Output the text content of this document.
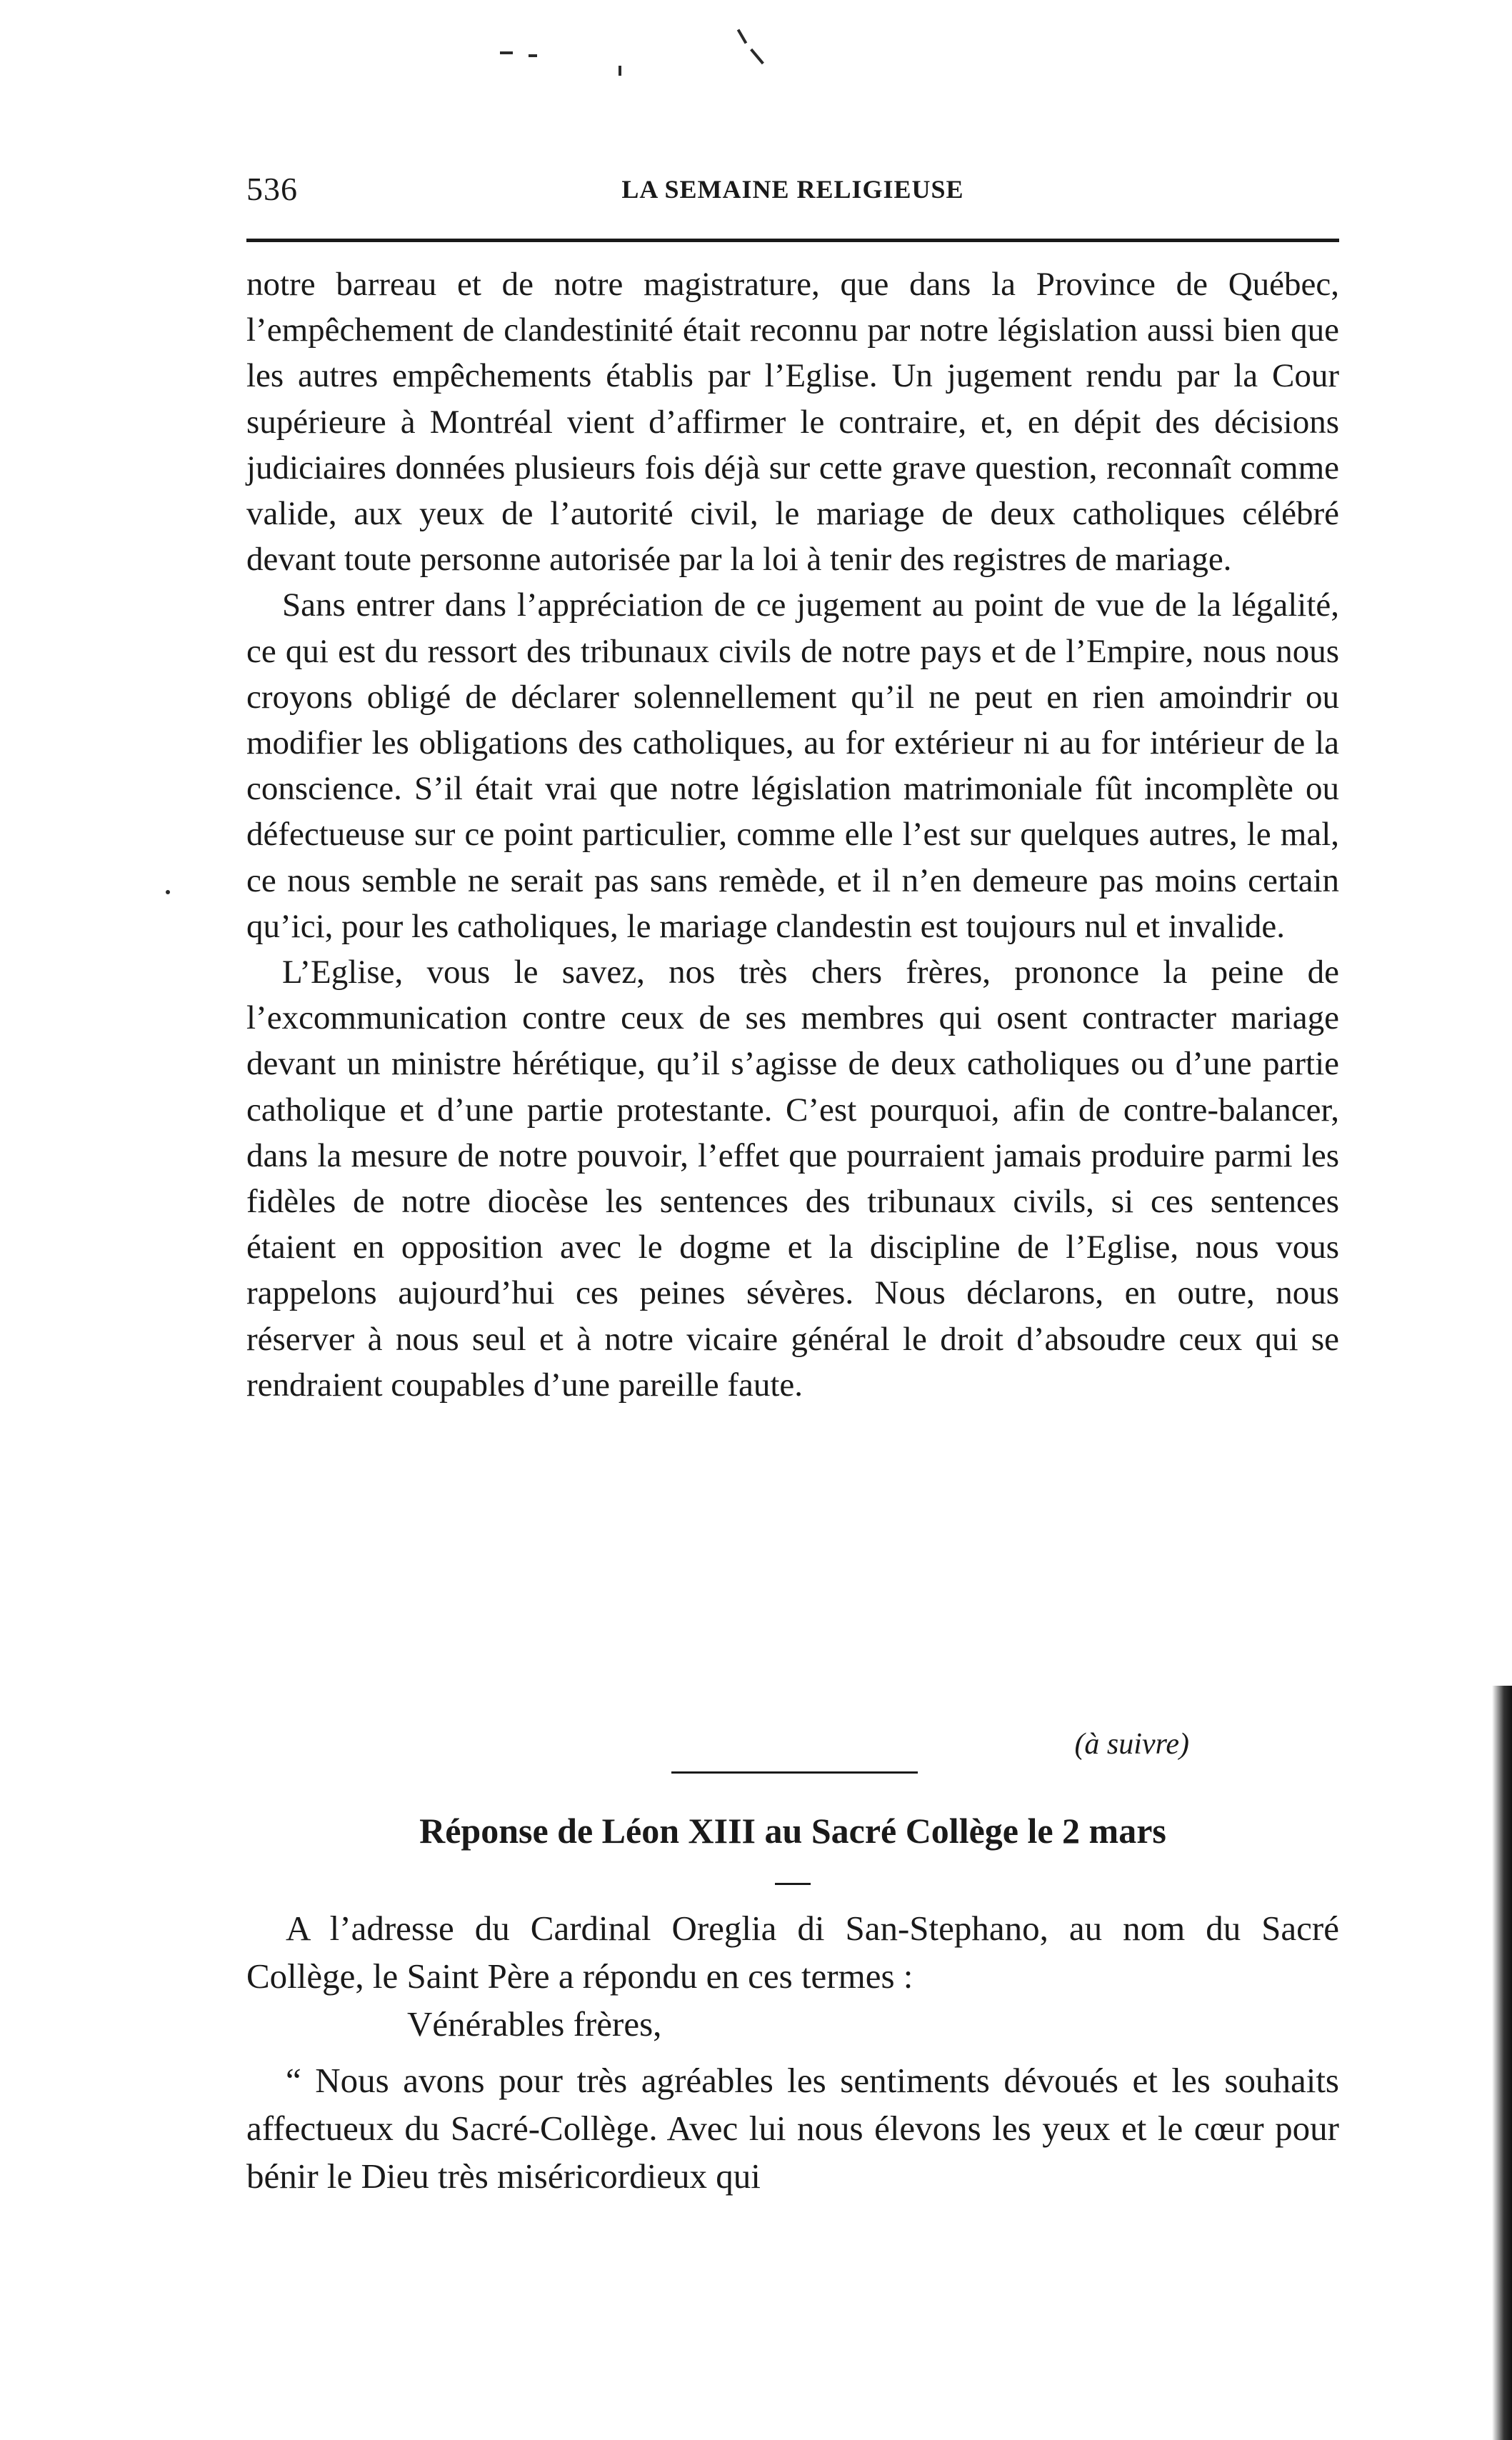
536	LA SEMAINE RELIGIEUSE

notre barreau et de notre magistrature, que dans la Province de Québec, l’empêchement de clandestinité était reconnu par notre législation aussi bien que les autres empêchements établis par l’Eglise. Un jugement rendu par la Cour supérieure à Montréal vient d’affirmer le contraire, et, en dépit des décisions judiciaires données plusieurs fois déjà sur cette grave question, reconnaît comme valide, aux yeux de l’autorité civil, le mariage de deux catholiques célébré devant toute personne autorisée par la loi à tenir des registres de mariage.

Sans entrer dans l’appréciation de ce jugement au point de vue de la légalité, ce qui est du ressort des tribunaux civils de notre pays et de l’Empire, nous nous croyons obligé de déclarer solennellement qu’il ne peut en rien amoindrir ou modifier les obligations des catholiques, au for extérieur ni au for intérieur de la conscience. S’il était vrai que notre législation matrimoniale fût incomplète ou défectueuse sur ce point particulier, comme elle l’est sur quelques autres, le mal, ce nous semble ne serait pas sans remède, et il n’en demeure pas moins certain qu’ici, pour les catholiques, le mariage clandestin est toujours nul et invalide.

L’Eglise, vous le savez, nos très chers frères, prononce la peine de l’excommunication contre ceux de ses membres qui osent contracter mariage devant un ministre hérétique, qu’il s’agisse de deux catholiques ou d’une partie catholique et d’une partie protestante. C’est pourquoi, afin de contre-balancer, dans la mesure de notre pouvoir, l’effet que pourraient jamais produire parmi les fidèles de notre diocèse les sentences des tribunaux civils, si ces sentences étaient en opposition avec le dogme et la discipline de l’Eglise, nous vous rappelons aujourd’hui ces peines sévères. Nous déclarons, en outre, nous réserver à nous seul et à notre vicaire général le droit d’absoudre ceux qui se rendraient coupables d’une pareille faute.

(à suivre)
Réponse de Léon XIII au Sacré Collège le 2 mars

A l’adresse du Cardinal Oreglia di San-Stephano, au nom du Sacré Collège, le Saint Père a répondu en ces termes :

Vénérables frères,

“ Nous avons pour très agréables les sentiments dévoués et les souhaits affectueux du Sacré-Collège. Avec lui nous élevons les yeux et le cœur pour bénir le Dieu très miséricordieux qui
